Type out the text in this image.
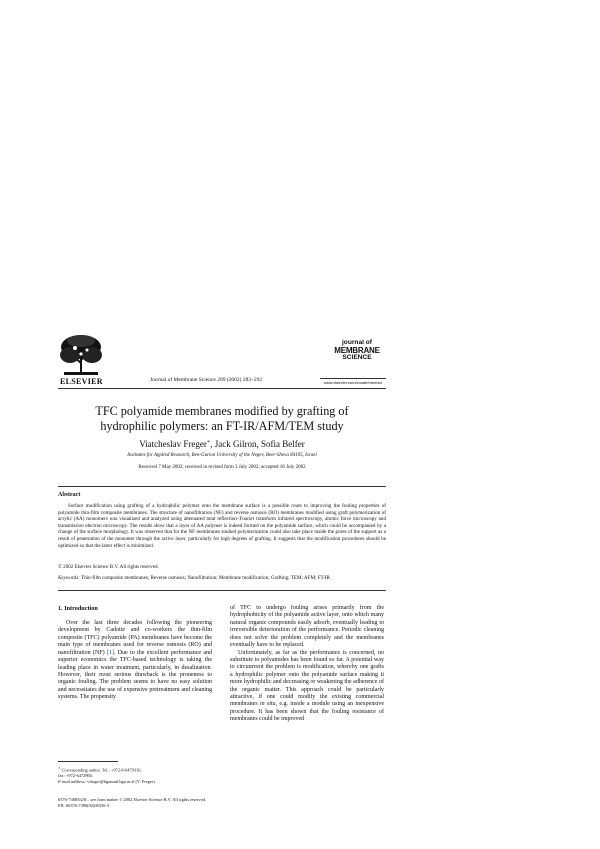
ELSEVIER	Journal of Membrane Science 209 (2002) 283–292
journal of
MEMBRANE
SCIENCE
www.elsevier.com/locate/memsci
TFC polyamide membranes modified by grafting of
hydrophilic polymers: an FT-IR/AFM/TEM study
Viatcheslav Freger∗, Jack Gilron, Sofia Belfer
Institutes for Applied Research, Ben-Gurion University of the Negev, Beer-Sheva 84105, Israel
Received 7 May 2002; received in revised form 3 July 2002; accepted 16 July 2002
Abstract
Surface modification using grafting of a hydrophilic polymer onto the membrane surface is a possible route to improving the fouling properties of polyamide thin-film composite membranes. The structure of nanofiltration (NF) and reverse osmosis (RO) membranes modified using graft polymerization of acrylic (AA) monomers was visualized and analyzed using attenuated total reflection–Fourier transform infrared spectroscopy, atomic force microscopy and transmission electron microscopy. The results show that a layer of AA polymer is indeed formed on the polyamide surface, which could be accompanied by a change of the surface morphology. It was observed that for the NF membranes studied polymerization could also take place inside the pores of the support as a result of penetration of the monomer through the active layer, particularly for high degrees of grafting. It suggests that the modification procedures should be optimized so that the latter effect is minimized.
© 2002 Elsevier Science B.V. All rights reserved.
Keywords: Thin-film composite membranes; Reverse osmosis; Nanofiltration; Membrane modification; Grafting; TEM; AFM; FT-IR
1. Introduction

Over the last three decades following the pioneering development by Cadotte and co-workers the thin-film composite (TFC) polyamide (PA) membranes have become the main type of membranes used for reverse osmosis (RO) and nanofiltration (NF) [1]. Due to the excellent performance and superior economics the TFC-based technology is taking the leading place in water treatment, particularly, in desalination. However, their most serious drawback is the proneness to organic fouling. The problem seems to have no easy solution and necessitates the use of expensive pretreatment and cleaning systems. The propensity

of TFC to undergo fouling arises primarily from the hydrophobicity of the polyamide active layer, onto which many natural organic compounds easily adsorb, eventually leading to irreversible deterioration of the performance. Periodic cleaning does not solve the problem completely and the membranes eventually have to be replaced.

Unfortunately, as far as the performance is concerned, no substitute to polyamides has been found so far. A potential way to circumvent the problem is modification, whereby one grafts a hydrophilic polymer onto the polyamide surface making it more hydrophilic and decreasing or weakening the adherence of the organic matter. This approach could be particularly attractive, if one could modify the existing commercial membranes in situ, e.g. inside a module using an inexpensive procedure. It has been shown that the fouling resistance of membranes could be improved

∗ Corresponding author. Tel.: +972-8-6479316;
fax: +972-6472960.
E-mail address: vfreger@bgumail.bgu.ac.il (V. Freger).
0376-7388/02/$ – see front matter © 2002 Elsevier Science B.V. All rights reserved.
PII: S0376-7388(02)00356-3
